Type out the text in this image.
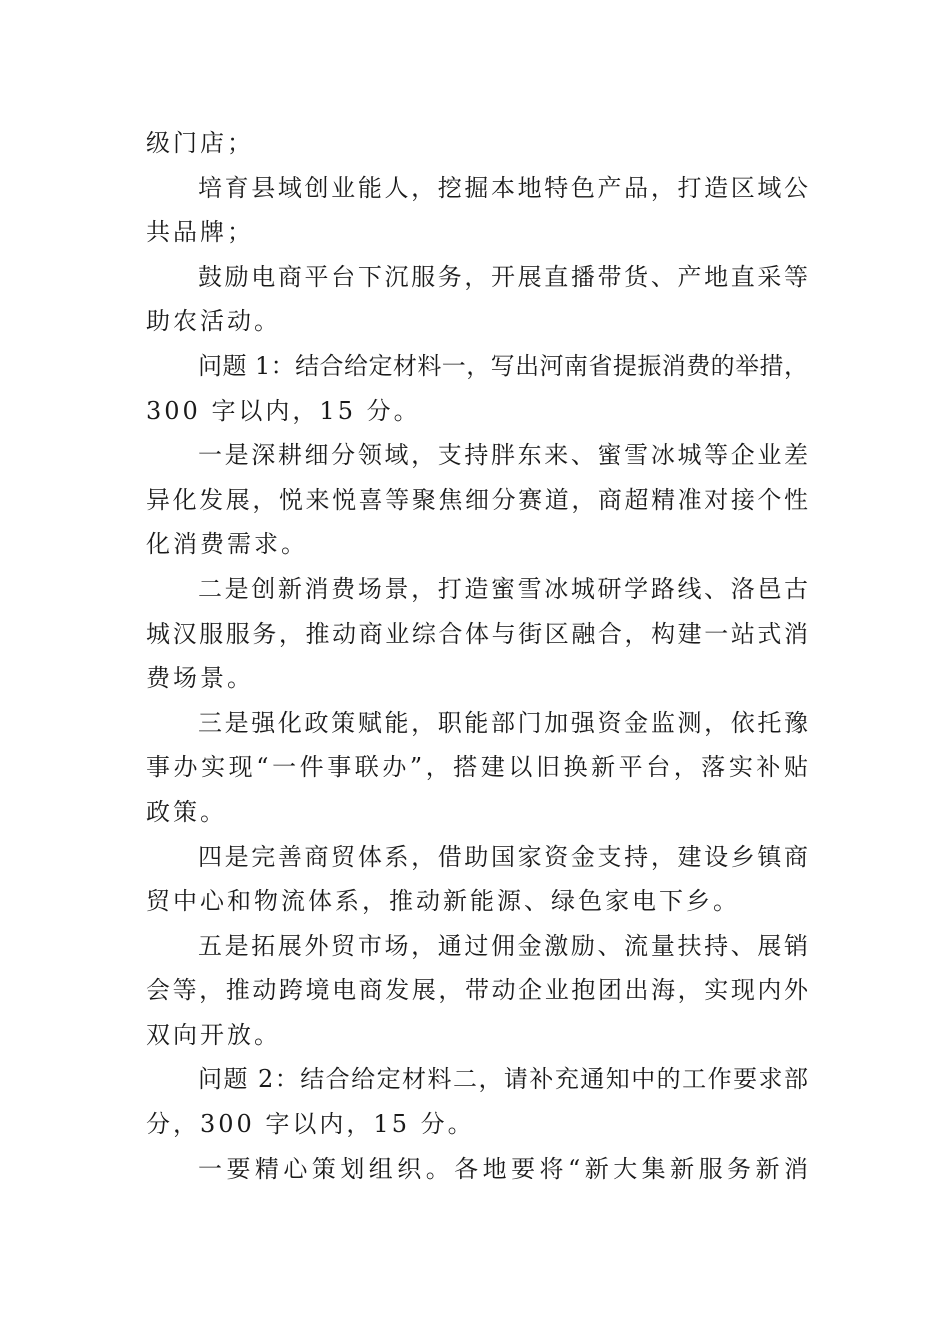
级门店；
培育县域创业能人，挖掘本地特色产品，打造区域公
共品牌；
鼓励电商平台下沉服务，开展直播带货、产地直采等
助农活动。
问题 1：结合给定材料一，写出河南省提振消费的举措，
300 字以内，15 分。
一是深耕细分领域，支持胖东来、蜜雪冰城等企业差
异化发展，悦来悦喜等聚焦细分赛道，商超精准对接个性
化消费需求。
二是创新消费场景，打造蜜雪冰城研学路线、洛邑古
城汉服服务，推动商业综合体与街区融合，构建一站式消
费场景。
三是强化政策赋能，职能部门加强资金监测，依托豫
事办实现“一件事联办”，搭建以旧换新平台，落实补贴
政策。
四是完善商贸体系，借助国家资金支持，建设乡镇商
贸中心和物流体系，推动新能源、绿色家电下乡。
五是拓展外贸市场，通过佣金激励、流量扶持、展销
会等，推动跨境电商发展，带动企业抱团出海，实现内外
双向开放。
问题 2：结合给定材料二，请补充通知中的工作要求部
分，300 字以内，15 分。
一要精心策划组织。各地要将“新大集新服务新消
